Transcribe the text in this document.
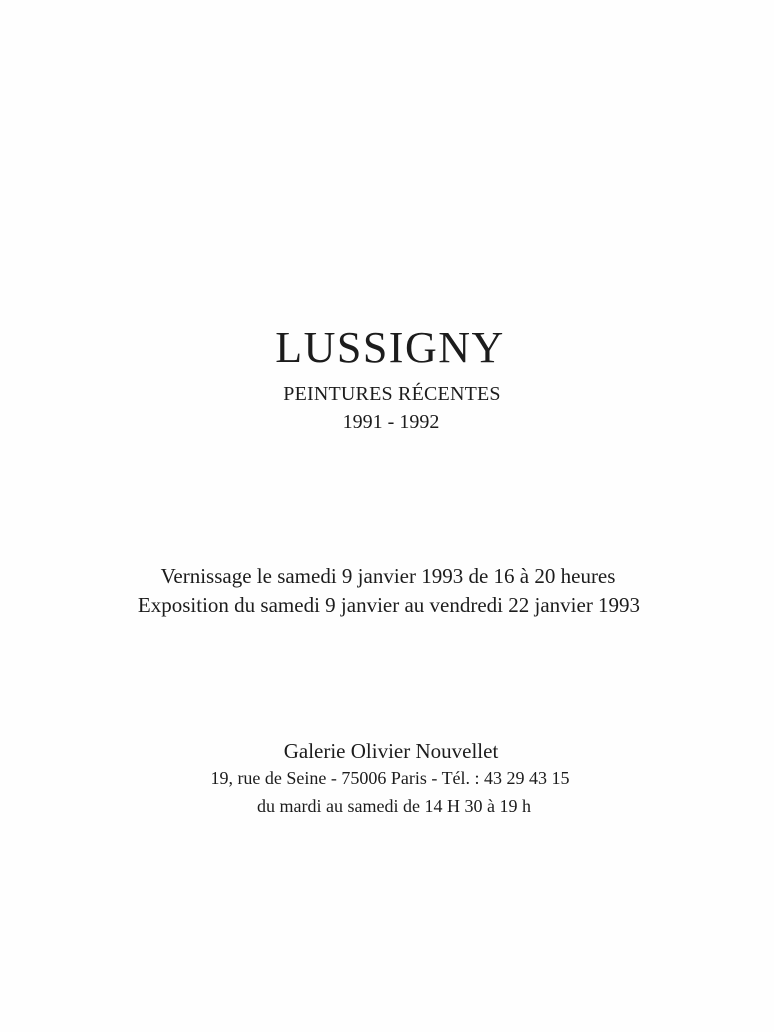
LUSSIGNY
PEINTURES RÉCENTES
1991 - 1992
Vernissage le samedi 9 janvier 1993 de 16 à 20 heures
Exposition du samedi 9 janvier au vendredi 22 janvier 1993
Galerie Olivier Nouvellet
19, rue de Seine - 75006 Paris - Tél. : 43 29 43 15
du mardi au samedi de 14 H 30 à 19 h
